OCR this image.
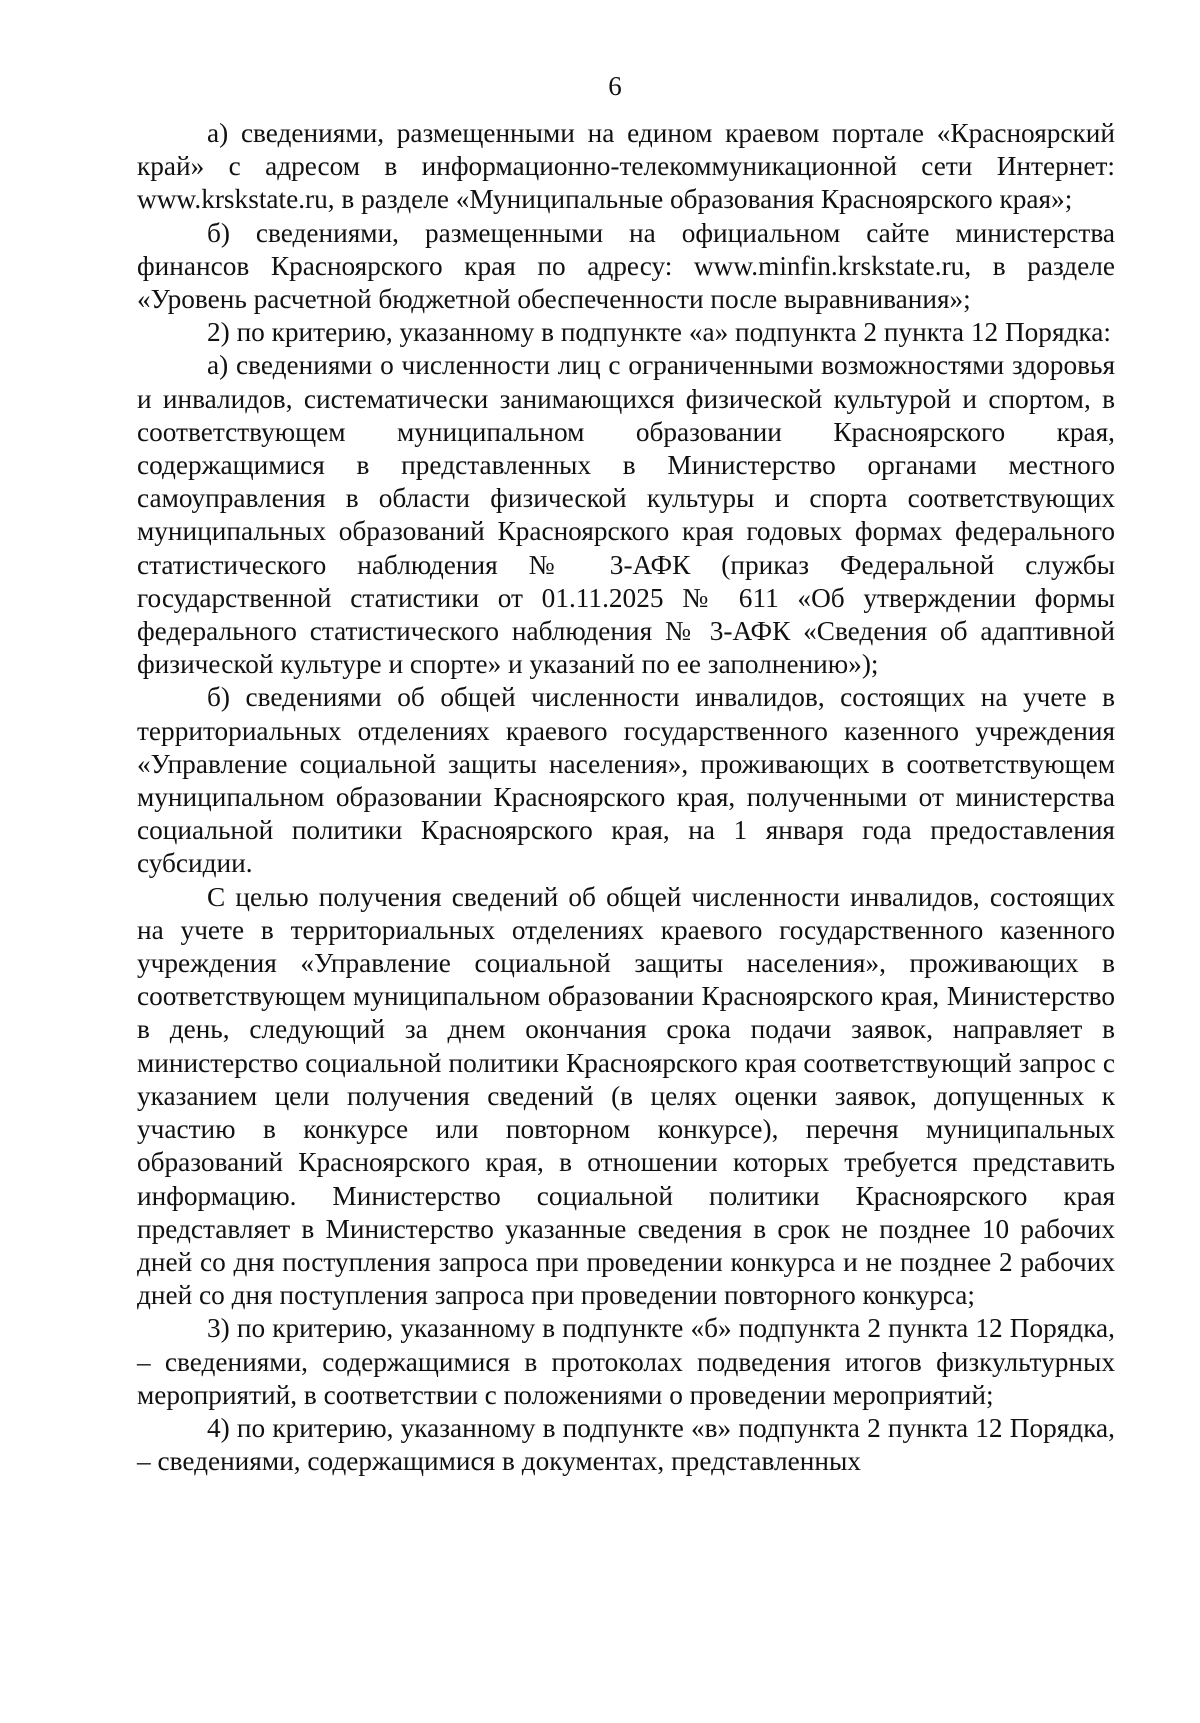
6

а) сведениями, размещенными на едином краевом портале «Красноярский край» с адресом в информационно-телекоммуникационной сети Интернет: www.krskstate.ru, в разделе «Муниципальные образования Красноярского края»;

б) сведениями, размещенными на официальном сайте министерства финансов Красноярского края по адресу: www.minfin.krskstate.ru, в разделе «Уровень расчетной бюджетной обеспеченности после выравнивания»;

2) по критерию, указанному в подпункте «а» подпункта 2 пункта 12 Порядка:

а) сведениями о численности лиц с ограниченными возможностями здоровья и инвалидов, систематически занимающихся физической культурой и спортом, в соответствующем муниципальном образовании Красноярского края, содержащимися в представленных в Министерство органами местного самоуправления в области физической культуры и спорта соответствующих муниципальных образований Красноярского края годовых формах федерального статистического наблюдения № 3-АФК (приказ Федеральной службы государственной статистики от 01.11.2025 № 611 «Об утверждении формы федерального статистического наблюдения № 3-АФК «Сведения об адаптивной физической культуре и спорте» и указаний по ее заполнению»);

б) сведениями об общей численности инвалидов, состоящих на учете в территориальных отделениях краевого государственного казенного учреждения «Управление социальной защиты населения», проживающих в соответствующем муниципальном образовании Красноярского края, полученными от министерства социальной политики Красноярского края, на 1 января года предоставления субсидии.

С целью получения сведений об общей численности инвалидов, состоящих на учете в территориальных отделениях краевого государственного казенного учреждения «Управление социальной защиты населения», проживающих в соответствующем муниципальном образовании Красноярского края, Министерство в день, следующий за днем окончания срока подачи заявок, направляет в министерство социальной политики Красноярского края соответствующий запрос с указанием цели получения сведений (в целях оценки заявок, допущенных к участию в конкурсе или повторном конкурсе), перечня муниципальных образований Красноярского края, в отношении которых требуется представить информацию. Министерство социальной политики Красноярского края представляет в Министерство указанные сведения в срок не позднее 10 рабочих дней со дня поступления запроса при проведении конкурса и не позднее 2 рабочих дней со дня поступления запроса при проведении повторного конкурса;

3) по критерию, указанному в подпункте «б» подпункта 2 пункта 12 Порядка, – сведениями, содержащимися в протоколах подведения итогов физкультурных мероприятий, в соответствии с положениями о проведении мероприятий;

4) по критерию, указанному в подпункте «в» подпункта 2 пункта 12 Порядка, – сведениями, содержащимися в документах, представленных
